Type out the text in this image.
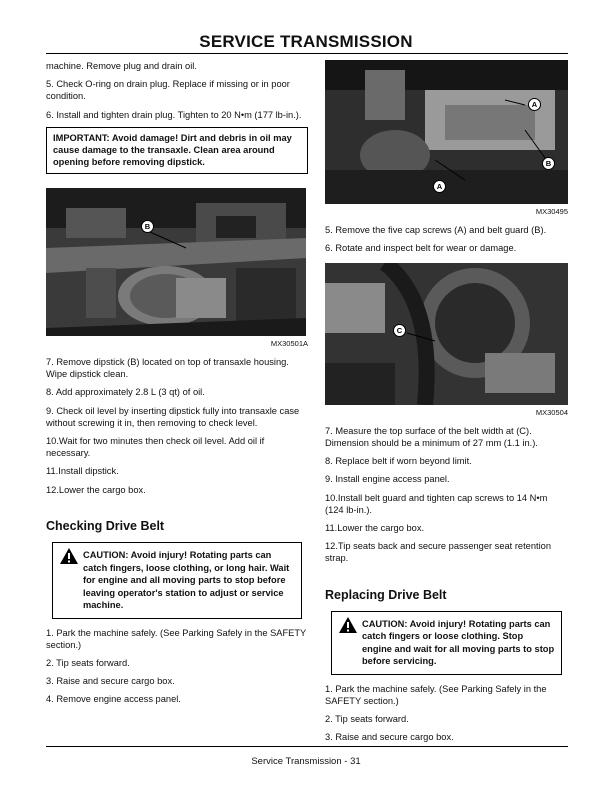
SERVICE TRANSMISSION

machine. Remove plug and drain oil.

5. Check O-ring on drain plug. Replace if missing or in poor condition.

6. Install and tighten drain plug. Tighten to 20 N•m (177 lb-in.).

IMPORTANT: Avoid damage! Dirt and debris in oil may cause damage to the transaxle. Clean area around opening before removing dipstick.
B
MX30501A

7. Remove dipstick (B) located on top of transaxle housing. Wipe dipstick clean.

8. Add approximately 2.8 L (3 qt) of oil.

9. Check oil level by inserting dipstick fully into transaxle case without screwing it in, then removing to check level.

10.Wait for two minutes then check oil level. Add oil if necessary.

11.Install dipstick.

12.Lower the cargo box.

Checking Drive Belt
CAUTION: Avoid injury! Rotating parts can catch fingers, loose clothing, or long hair. Wait for engine and all moving parts to stop before leaving operator's station to adjust or service machine.

1. Park the machine safely. (See Parking Safely in the SAFETY section.)

2. Tip seats forward.

3. Raise and secure cargo box.

4. Remove engine access panel.

A
B
A
MX30495

5. Remove the five cap screws (A) and belt guard (B).

6. Rotate and inspect belt for wear or damage.

C
MX30504

7. Measure the top surface of the belt width at (C). Dimension should be a minimum of 27 mm (1.1 in.).

8. Replace belt if worn beyond limit.

9. Install engine access panel.

10.Install belt guard and tighten cap screws to 14 N•m (124 lb-in.).

11.Lower the cargo box.

12.Tip seats back and secure passenger seat retention strap.

Replacing Drive Belt
CAUTION: Avoid injury! Rotating parts can catch fingers or loose clothing. Stop engine and wait for all moving parts to stop before servicing.

1. Park the machine safely. (See Parking Safely in the SAFETY section.)

2. Tip seats forward.

3. Raise and secure cargo box.

Service Transmission - 31
